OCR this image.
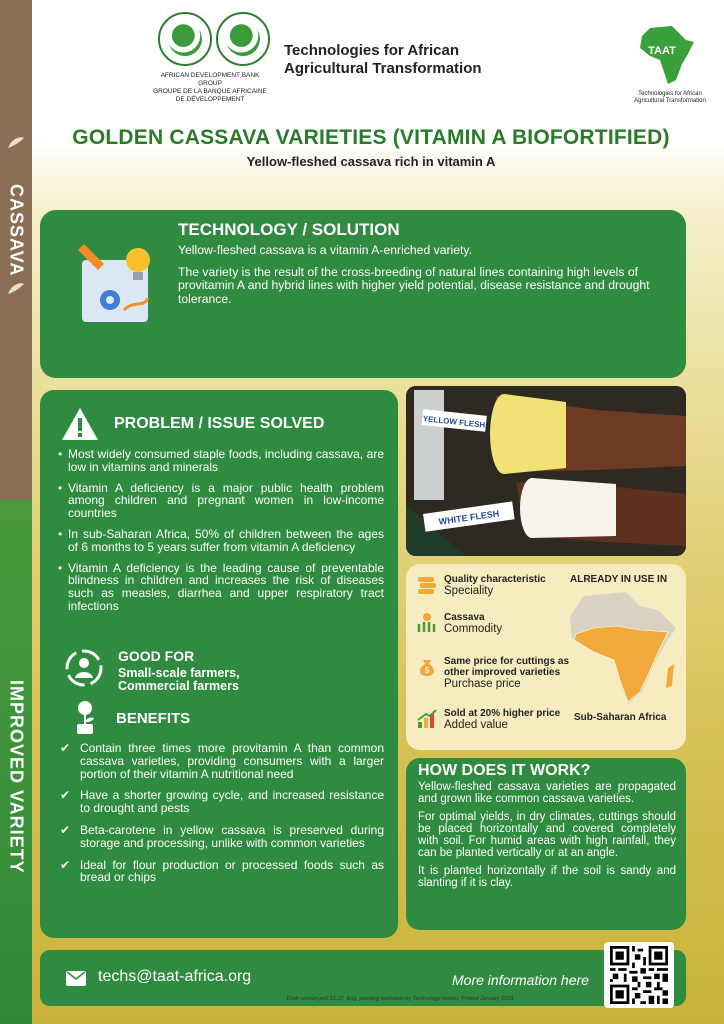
CASSAVA
IMPROVED VARIETY
AFRICAN DEVELOPMENT BANK GROUP
GROUPE DE LA BANQUE AFRICAINE
DE DÉVELOPPEMENT
Technologies for African
Agricultural Transformation
TAAT
Technologies for African
Agricultural Transformation
GOLDEN CASSAVA VARIETIES (VITAMIN A BIOFORTIFIED)
Yellow-fleshed cassava rich in vitamin A
TECHNOLOGY / SOLUTION

Yellow-fleshed cassava is a vitamin A-enriched variety.

The variety is the result of the cross-breeding of natural lines containing high levels of provitamin A and hybrid lines with higher yield potential, disease resistance and drought tolerance.

PROBLEM / ISSUE SOLVED
• Most widely consumed staple foods, including cassava, are low in vitamins and minerals
• Vitamin A deficiency is a major public health problem among children and pregnant women in low-income countries
• In sub-Saharan Africa, 50% of children between the ages of 6 months to 5 years suffer from vitamin A deficiency
• Vitamin A deficiency is the leading cause of preventable blindness in children and increases the risk of diseases such as measles, diarrhea and upper respiratory tract infections
GOOD FOR
Small-scale farmers,
Commercial farmers
BENEFITS
✔ Contain three times more provitamin A than common cassava varieties, providing consumers with a larger portion of their vitamin A nutritional need
✔ Have a shorter growing cycle, and increased resistance to drought and pests
✔ Beta-carotene in yellow cassava is preserved during storage and processing, unlike with common varieties
✔ Ideal for flour production or processed foods such as bread or chips
YELLOW FLESH
WHITE FLESH
Quality characteristic
Speciality
Cassava
Commodity
$
Same price for cuttings as other improved varieties
Purchase price
Sold at 20% higher price
Added value
ALREADY IN USE IN
Sub-Saharan Africa
HOW DOES IT WORK?

Yellow-fleshed cassava varieties are propagated and grown like common cassava varieties.

For optimal yields, in dry climates, cuttings should be placed horizontally and covered completely with soil. For humid areas with high rainfall, they can be planted vertically or at an angle.

It is planted horizontally if the soil is sandy and slanting if it is clay.

techs@taat-africa.org	More information here
Draft version ps0.12.22_Eng, pending validation by Technology Holder, Printed January 2023
